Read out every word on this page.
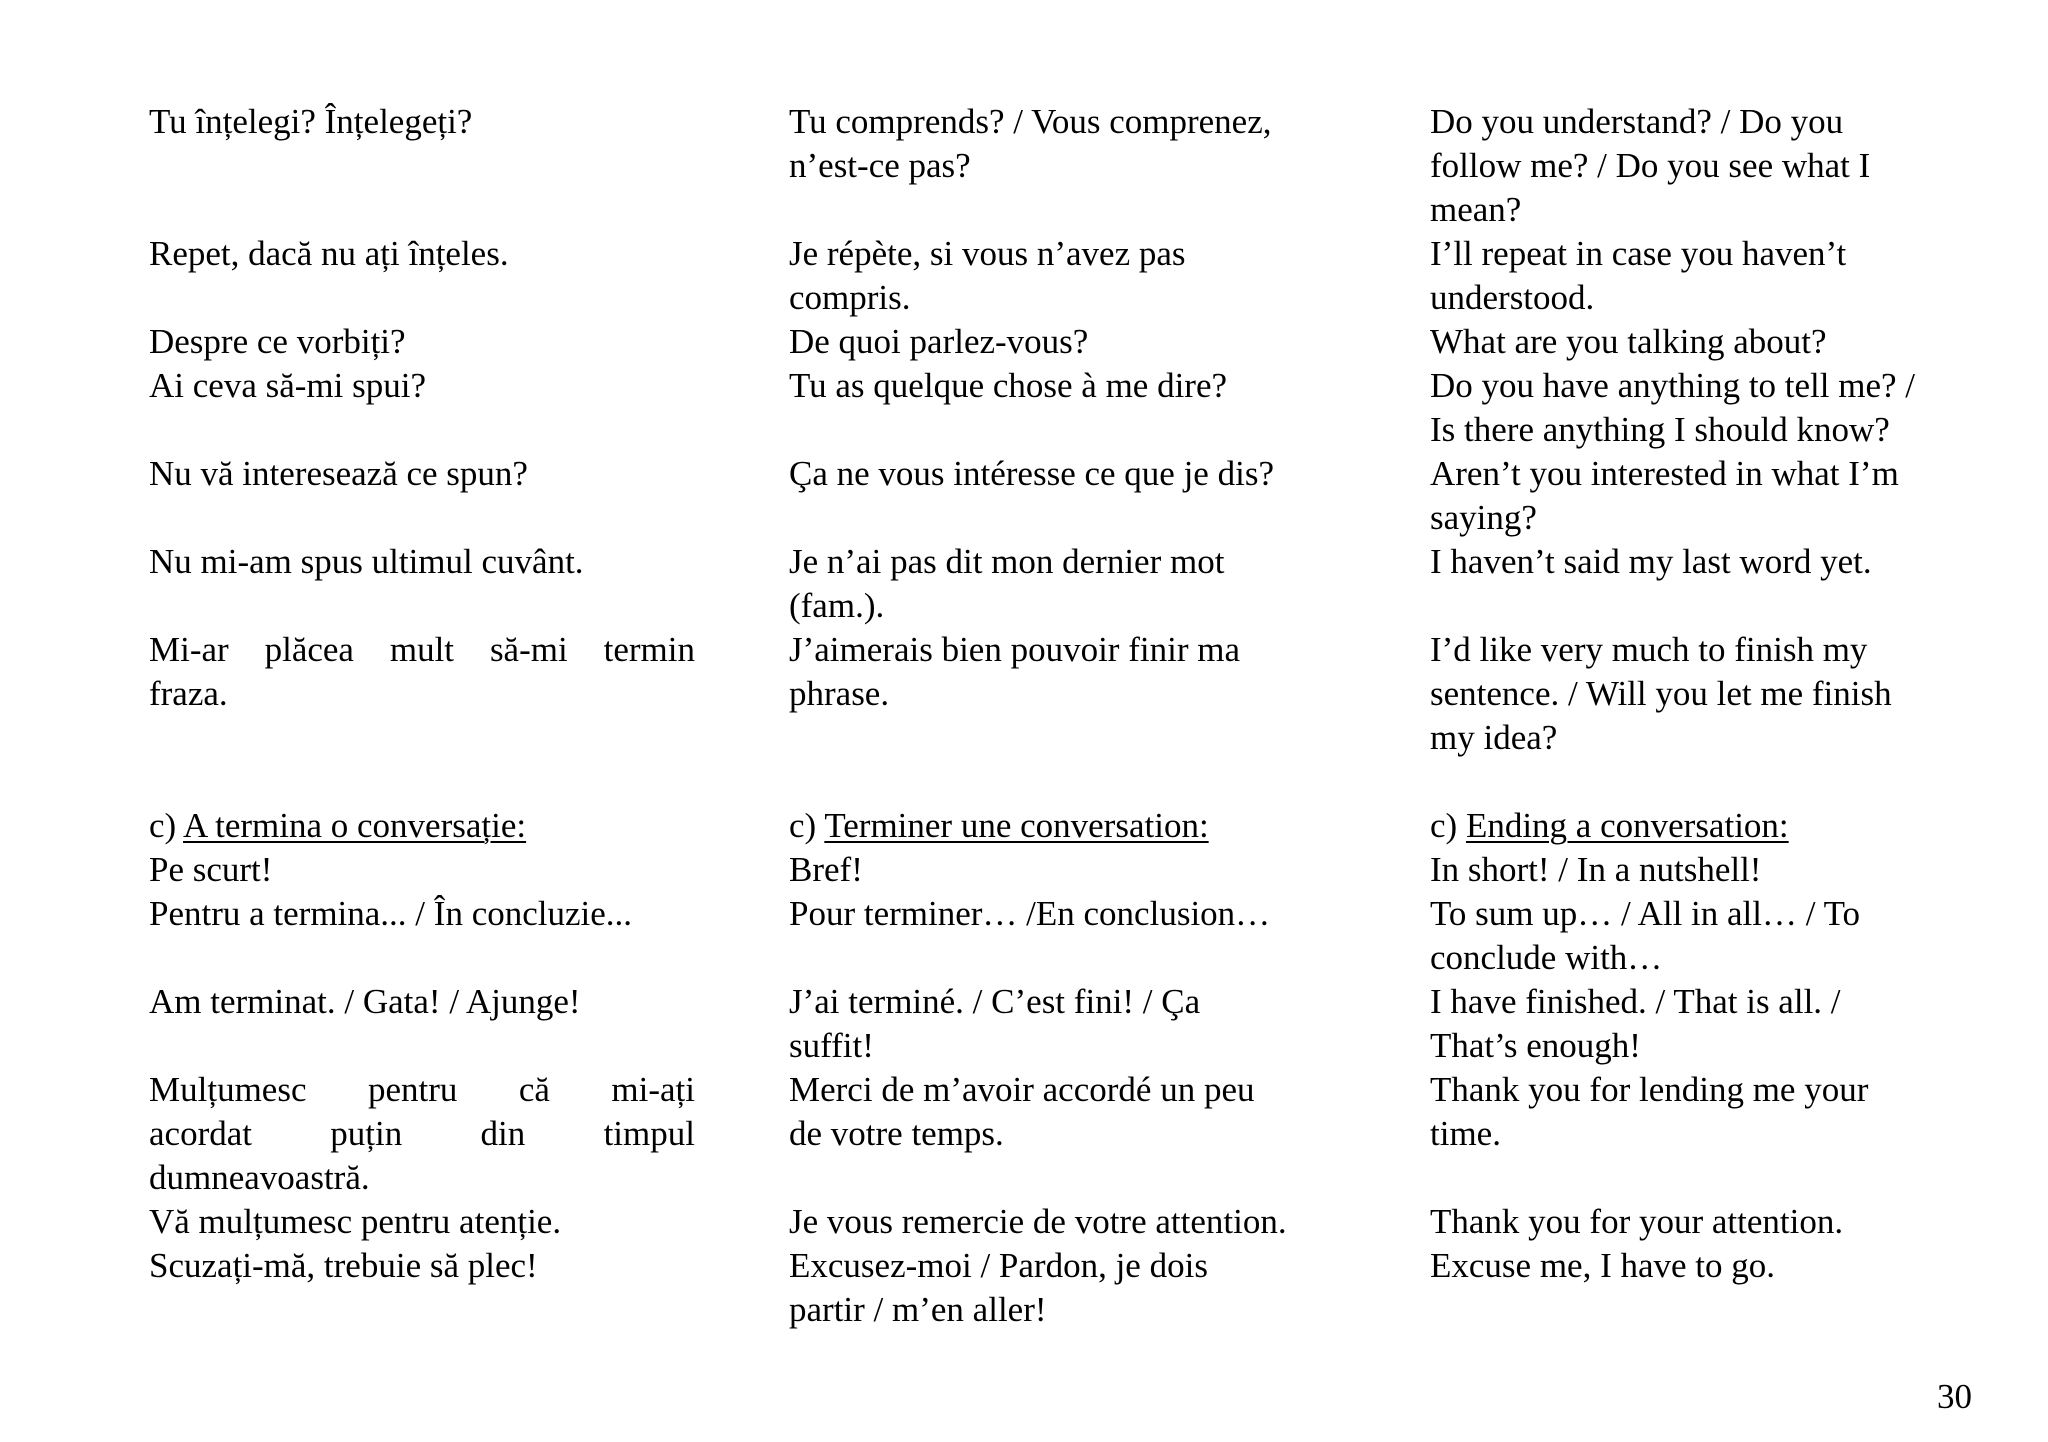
Tu înțelegi? Înțelegeți?
Repet, dacă nu ați înțeles.
Despre ce vorbiți?
Ai ceva să-mi spui?
Nu vă interesează ce spun?
Nu mi-am spus ultimul cuvânt.
Mi-ar plăcea mult să-mi termin
fraza.
c) A termina o conversație:
Pe scurt!
Pentru a termina... / În concluzie...
Am terminat. / Gata! / Ajunge!
Mulțumesc pentru că mi-ați
acordat puțin din timpul
dumneavoastră.
Vă mulțumesc pentru atenție.
Scuzați-mă, trebuie să plec!
Tu comprends? / Vous comprenez,
n’est-ce pas?
Je répète, si vous n’avez pas
compris.
De quoi parlez-vous?
Tu as quelque chose à me dire?
Ça ne vous intéresse ce que je dis?
Je n’ai pas dit mon dernier mot
(fam.).
J’aimerais bien pouvoir finir ma
phrase.
c) Terminer une conversation:
Bref!
Pour terminer… /En conclusion…
J’ai terminé. / C’est fini! / Ça
suffit!
Merci de m’avoir accordé un peu
de votre temps.
Je vous remercie de votre attention.
Excusez-moi / Pardon, je dois
partir / m’en aller!
Do you understand? / Do you
follow me? / Do you see what I
mean?
I’ll repeat in case you haven’t
understood.
What are you talking about?
Do you have anything to tell me? /
Is there anything I should know?
Aren’t you interested in what I’m
saying?
I haven’t said my last word yet.
I’d like very much to finish my
sentence. / Will you let me finish
my idea?
c) Ending a conversation:
In short! / In a nutshell!
To sum up… / All in all… / To
conclude with…
I have finished. / That is all. /
That’s enough!
Thank you for lending me your
time.
Thank you for your attention.
Excuse me, I have to go.
30
